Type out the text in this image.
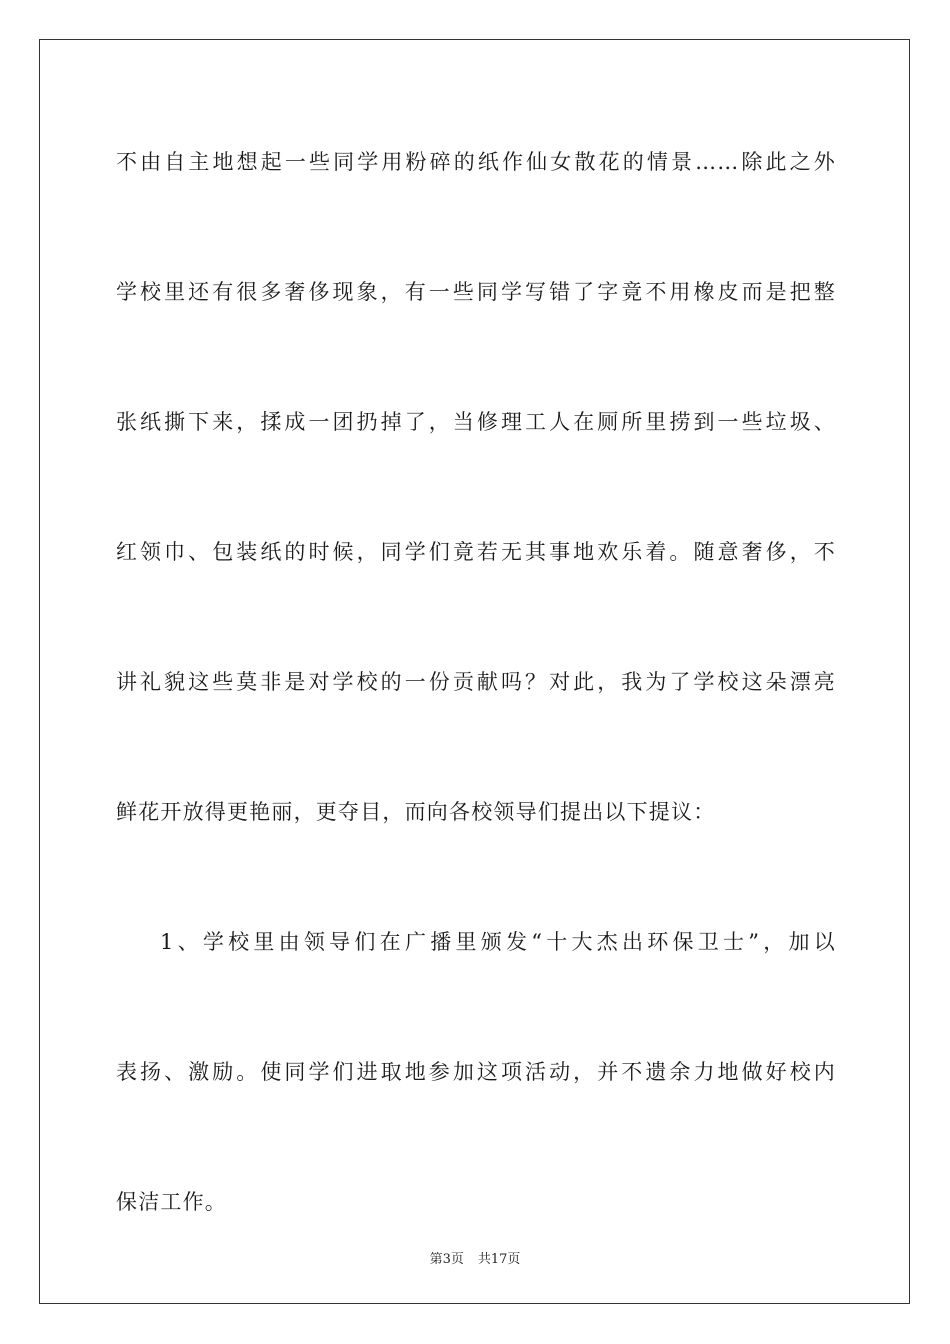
不由自主地想起一些同学用粉碎的纸作仙女散花的情景……除此之外
学校里还有很多奢侈现象，有一些同学写错了字竟不用橡皮而是把整
张纸撕下来，揉成一团扔掉了，当修理工人在厕所里捞到一些垃圾、
红领巾、包装纸的时候，同学们竟若无其事地欢乐着。随意奢侈，不
讲礼貌这些莫非是对学校的一份贡献吗？对此，我为了学校这朵漂亮
鲜花开放得更艳丽，更夺目，而向各校领导们提出以下提议：
1、学校里由领导们在广播里颁发“十大杰出环保卫士”，加以
表扬、激励。使同学们进取地参加这项活动，并不遗余力地做好校内
保洁工作。
第3页 共17页
